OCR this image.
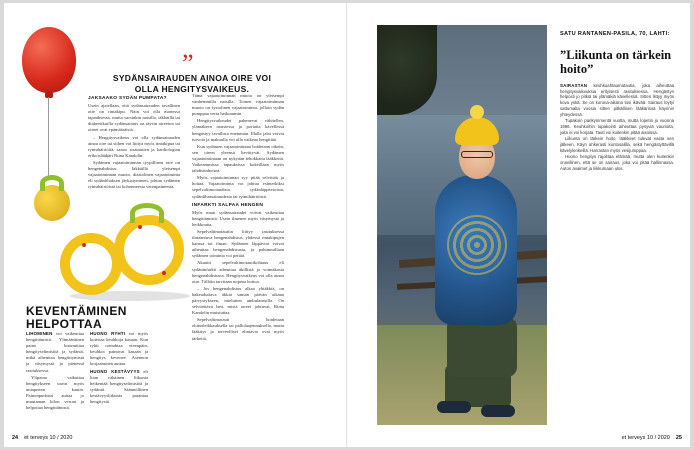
”
SYDÄNSAIRAUDEN AINOA OIRE VOI OLLA HENGITYSVAIKEUS.
JAKSAAKO SYDÄN PUMPATA?

Usein ajatellaan, että sydänsairauden tavallinen oire on rintakipu. Näin voi olla monessa tapauksessa, mutta varsinkin naisilla, iäkkäillä tai diabeetikoilla sydänsairaus on täysin oireeton tai oireet ovat epämääräisiä.

– Hengitysvaikeus voi olla sydänsairauden ainoa oire tai siihen voi liittyä myös rintakipua tai rytmihäiriöitä, sanoo sisätautien ja kardiologian erikoislääkäri Riina Kandolin.

Sydämen vajaatoiminnan tyypillinen oire on hengenahdistus. Iäkkäillä yleisempi vajaatoiminnan muoto, diastolinen vajaatoiminta eli sydänlihaksen jäykistyminen, johtuu sydämen rytmihäiriöistä tai kohonneesta verenpaineesta.

Tämä vajaatoiminnan muoto on yleisempi vanhemmilla naisilla. Toinen vajaatoiminnan muoto on systolinen vajaatoiminta, jolloin sydän pumppaa verta heikommin.

Hengitysvaikeudet pahenevat vähitellen, ylämäkeen noustessa ja portaita kävellessä hengästyy tavallista enemmän. Illalla jalat voivat turvota ja makuulla voi olla vaikeaa hengittää.

Kun sydämen vajaatoimintaa hoidetaan oikein, sen oireet yleensä lievittyvät. Sydämen vajaatoimintaan on nykyään tehokkaita lääkkeitä. Vaikeammissa tapauksissa kokeillaan myös tahdistinhoitoa.

Myös vajaatoiminnan syy pitää selvittää ja hoitaa. Vajaatoiminta voi johtua esimerkiksi sepelvaltimotaudista, sydänläppävioista, sydänlihassairaudesta tai rytmihäiriöistä.

INFARKTI SALPAA HENGEN

Myös muut sydänsairaudet voivat vaikeuttaa hengittämistä. Usein ilmenee myös väsymystä ja heikkoutta.

Sepelvaltimotautiin liittyy rasituksessa ilmaantuva hengenahdistus, yhdessä rintakipujen kanssa tai ilman. Sydämen läppäviat voivat aiheuttaa hengenahdistusta, ja pahimmillaan sydämen toiminta voi pettää.

Akuutti sepelvaltimotautikohtaus eli sydäninfarkti aiheuttaa äkillistä ja voimakasta hengenahdistusta. Hengitysvaikeus voi olla ainoa oire. Tällöin tarvitaan nopeaa hoitoa.

– Jos hengenahdistus alkaa yhtäkkiä, on hakeuduttava äkkiä saman päivän aikana päivystykseen, mieluiten ambulanssilla. On selvitettävä heti, mistä oireet johtuvat, Riina Kandolin muistuttaa.

Sepelvaltimotauti hoidetaan ohitusleikkauksella tai pallolaajennuksella, mutta lääkitys ja terveelliset elintavat ovat myös tärkeitä.

KEVENTÄMINEN HELPOTTAA

LIHOMINEN voi vaikeuttaa hengittämistä. Ylimääräinen paino kuormittaa hengityselimistöä ja sydäntä, mikä aiheuttaa hengästymistä ja väsymystä jo pienessä rasituksessa.

Ylipaino vaikuttaa hengitykseen usein myös uniapnean kautta. Painonpudotus auttaa jo muutaman kilon verran ja helpottaa hengittämistä.

HUONO RYHTI voi myös kuristaa keuhkoja kasaan. Kun ryhti romahtaa eteenpäin, keuhkot painuvat kasaan ja hengitys kevenee. Asennon korjaaminen auttaa.

HUONO KESTÄVYYS eli liian vähäinen liikunta heikentää hengityselimistöä ja sydäntä. Säännöllinen kestävyysliikunta parantaa hengitystä.

24 et terveys 10 / 2020
SATU RANTANEN-PASILA, 70, LAHTI:
”Liikunta on tärkein hoito”

SAIRASTAN keuhkoahtaumatautia, joka aiheuttaa hengitysvaikeuksia erityisesti rasituksessa. Hengästyn helposti jo pitkiä tai ylämäkiä kävellessä. Sitten liittyy myös kova yskä. Se on korona-aikana tosi ikävää. Sairaus löytyi sattumalta vuosia sitten pitkällisen lääkärissä käynnin yhteydessä.

Tupakoin parikymmentä vuotta, mutta lopetin jo vuonna 1996. Keuhkoihin tupakointi aiheuttaa pysyviä vaurioita, joita ei voi korjata. Tauti voi kuitenkin pitää aisoissa.

Liikunta on tärkein hoito, lääkkeet tulevat vasta sen jälkeen. Käyn ahkerasti kuntosalilla, sekä hengästyttävillä kävelylenkeillä. Harrastan myös vesijumppaa.

Huono hengitys rajoittaa elämää, mutta olen kuitenkin onnellinen, että se on sairaus, joka voi pitää hallinnassa. Auton avaimet ja liikkumaan ulos.

et terveys 10 / 2020 25
